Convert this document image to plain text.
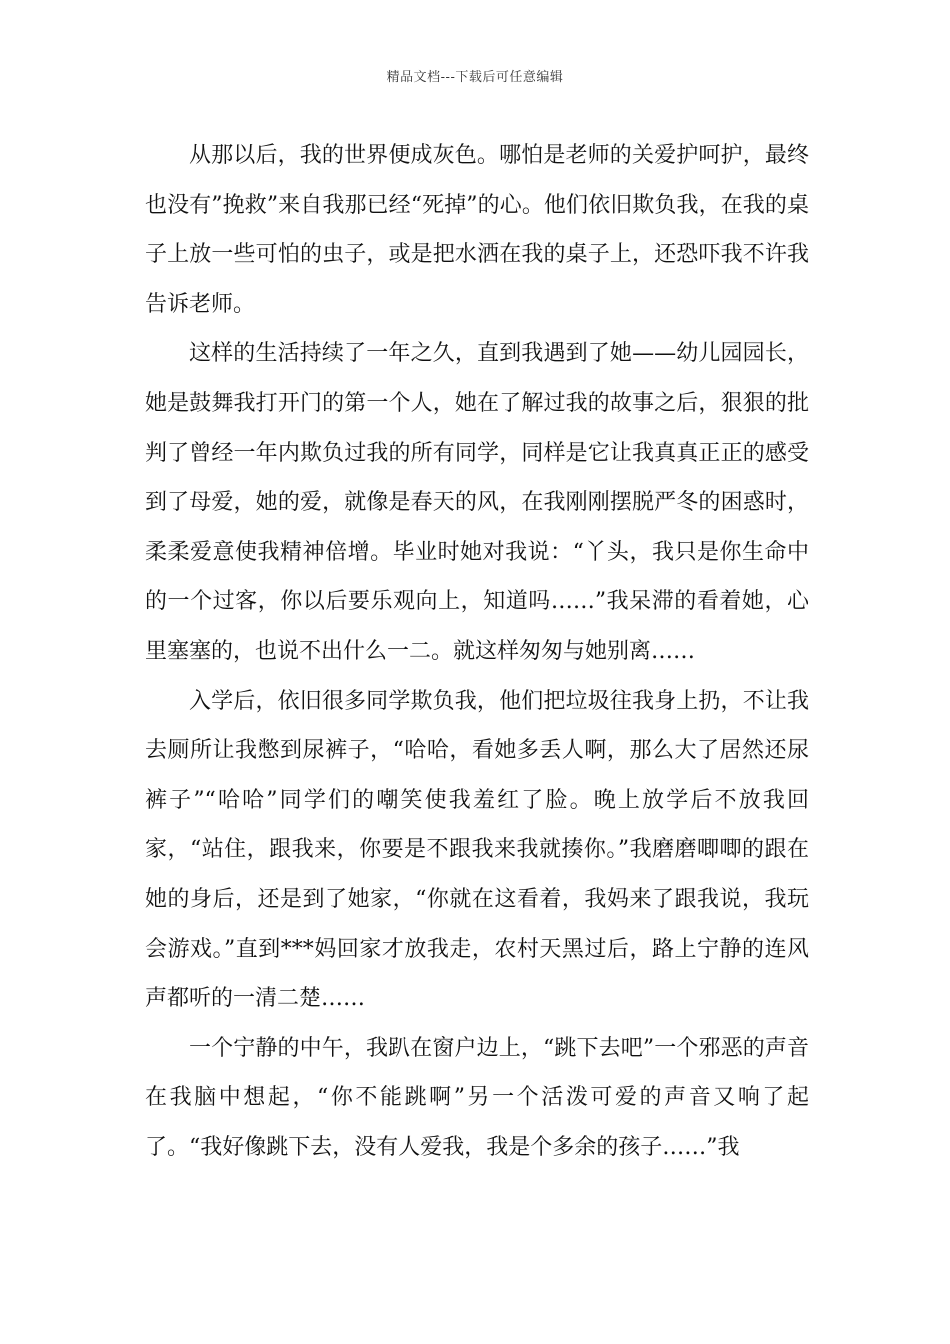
精品文档---下载后可任意编辑

从那以后，我的世界便成灰色。哪怕是老师的关爱护呵护，最终也没有”挽救”来自我那已经“死掉”的心。他们依旧欺负我，在我的桌子上放一些可怕的虫子，或是把水洒在我的桌子上，还恐吓我不许我告诉老师。

这样的生活持续了一年之久，直到我遇到了她——幼儿园园长，她是鼓舞我打开门的第一个人，她在了解过我的故事之后，狠狠的批判了曾经一年内欺负过我的所有同学，同样是它让我真真正正的感受到了母爱，她的爱，就像是春天的风，在我刚刚摆脱严冬的困惑时，柔柔爱意使我精神倍增。毕业时她对我说：“丫头，我只是你生命中的一个过客，你以后要乐观向上，知道吗……”我呆滞的看着她，心里塞塞的，也说不出什么一二。就这样匆匆与她别离……

入学后，依旧很多同学欺负我，他们把垃圾往我身上扔，不让我去厕所让我憋到尿裤子，“哈哈，看她多丢人啊，那么大了居然还尿裤子”“哈哈”同学们的嘲笑使我羞红了脸。晚上放学后不放我回家，“站住，跟我来，你要是不跟我来我就揍你。”我磨磨唧唧的跟在她的身后，还是到了她家，“你就在这看着，我妈来了跟我说，我玩会游戏。”直到***妈回家才放我走，农村天黑过后，路上宁静的连风声都听的一清二楚……

一个宁静的中午，我趴在窗户边上，“跳下去吧”一个邪恶的声音在我脑中想起，“你不能跳啊”另一个活泼可爱的声音又响了起了。“我好像跳下去，没有人爱我，我是个多余的孩子……”我
